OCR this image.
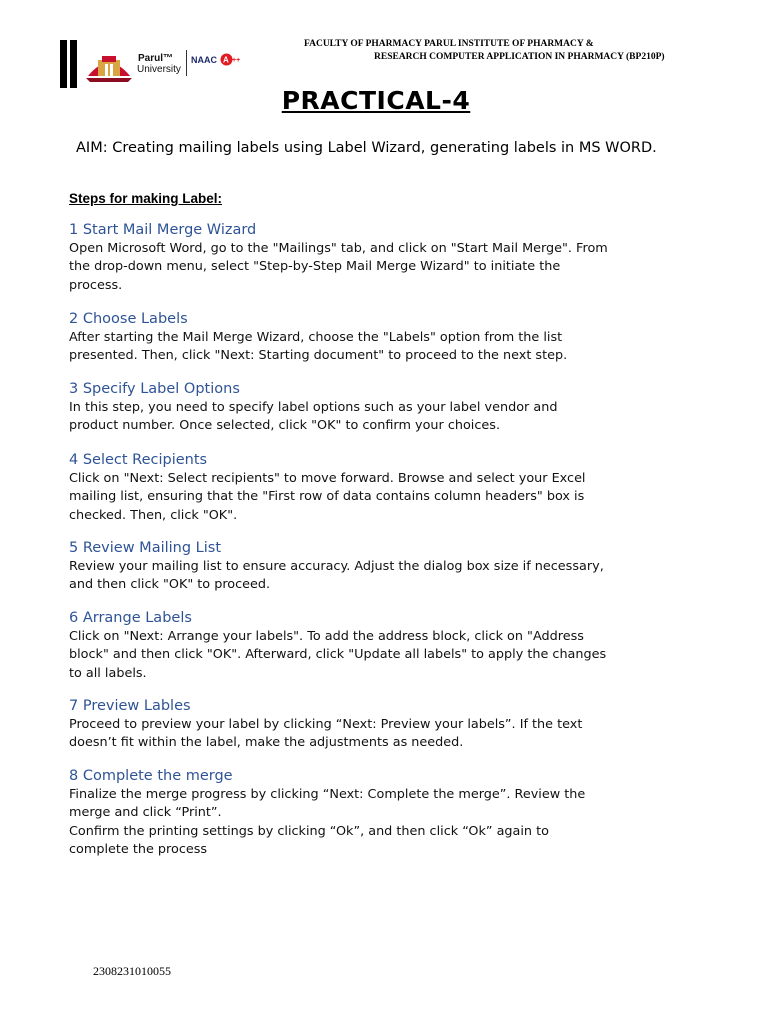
Parul™
University
NAAC A ++
FACULTY OF PHARMACY PARUL INSTITUTE OF PHARMACY &
RESEARCH COMPUTER APPLICATION IN PHARMACY (BP210P)
PRACTICAL-4
AIM: Creating mailing labels using Label Wizard, generating labels in MS WORD.
Steps for making Label:
1 Start Mail Merge Wizard
Open Microsoft Word, go to the "Mailings" tab, and click on "Start Mail Merge". From the drop-down menu, select "Step-by-Step Mail Merge Wizard" to initiate the process.
2 Choose Labels
After starting the Mail Merge Wizard, choose the "Labels" option from the list presented. Then, click "Next: Starting document" to proceed to the next step.
3 Specify Label Options
In this step, you need to specify label options such as your label vendor and product number. Once selected, click "OK" to confirm your choices.
4 Select Recipients
Click on "Next: Select recipients" to move forward. Browse and select your Excel mailing list, ensuring that the "First row of data contains column headers" box is checked. Then, click "OK".
5 Review Mailing List
Review your mailing list to ensure accuracy. Adjust the dialog box size if necessary, and then click "OK" to proceed.
6 Arrange Labels
Click on "Next: Arrange your labels". To add the address block, click on "Address block" and then click "OK". Afterward, click "Update all labels" to apply the changes to all labels.
7 Preview Lables
Proceed to preview your label by clicking “Next: Preview your labels”. If the text doesn’t fit within the label, make the adjustments as needed.
8 Complete the merge
Finalize the merge progress by clicking “Next: Complete the merge”. Review the merge and click “Print”.
Confirm the printing settings by clicking “Ok”, and then click “Ok” again to complete the process
2308231010055
